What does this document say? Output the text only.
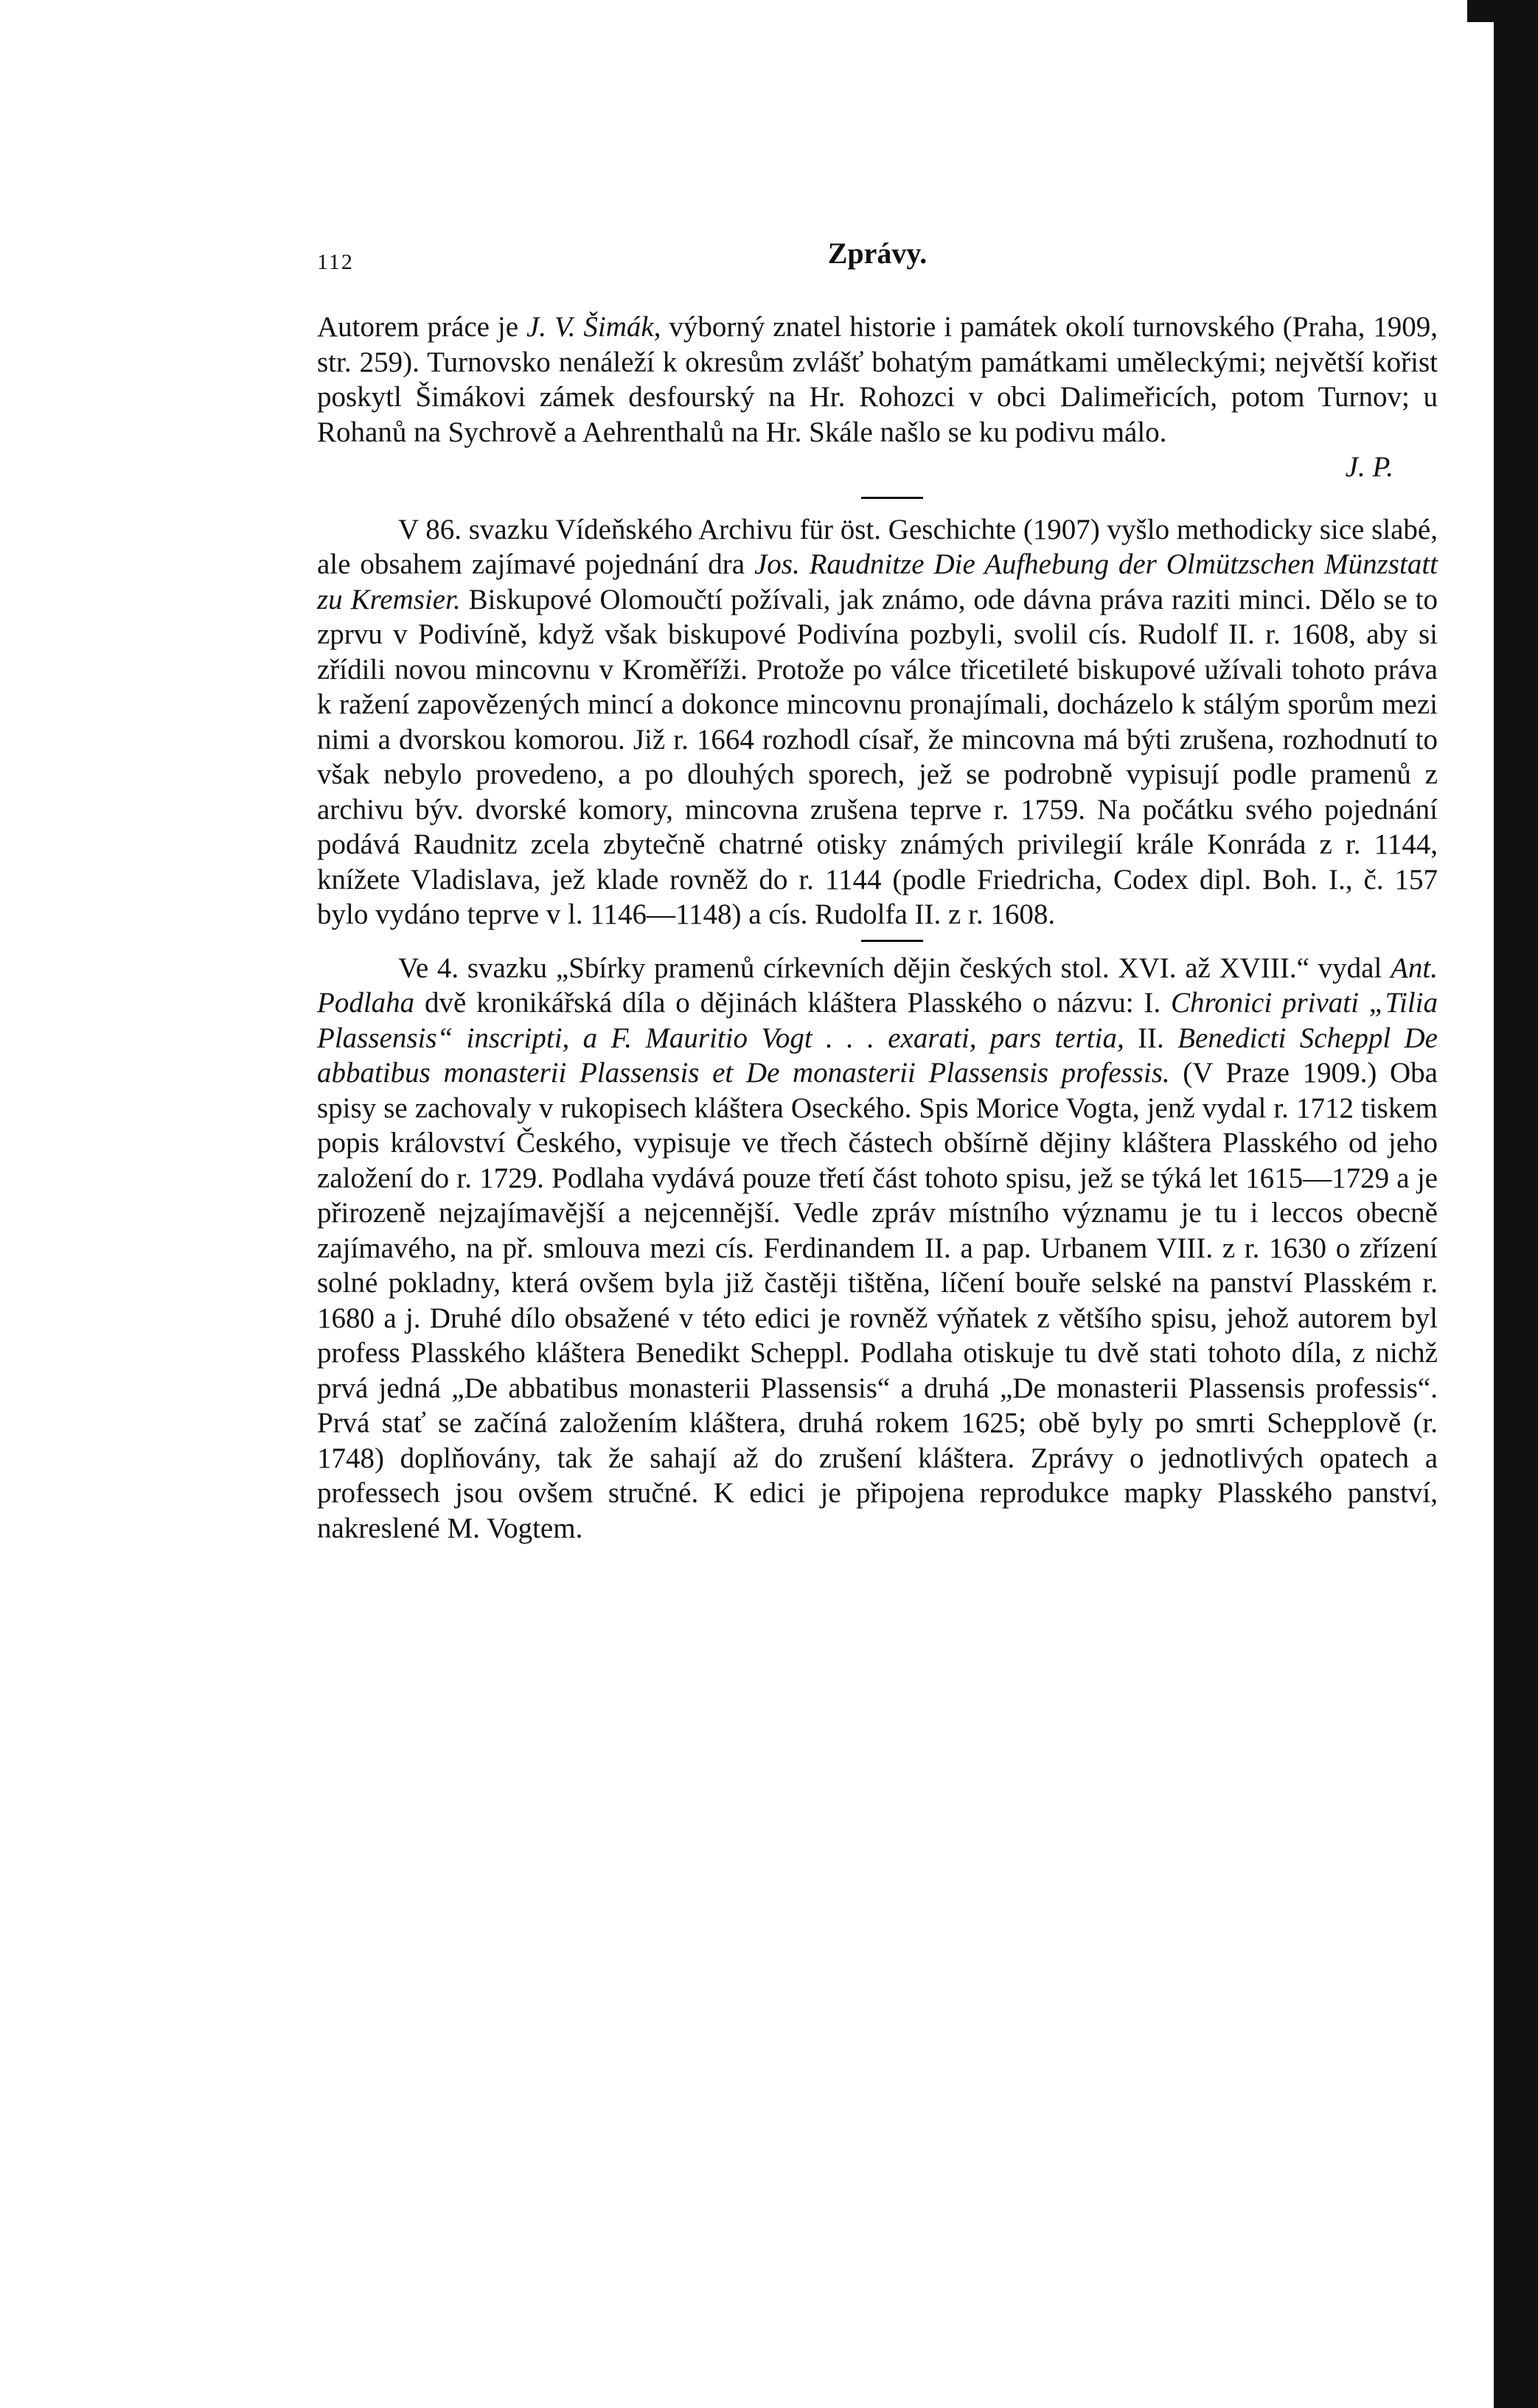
112	Zprávy.

Autorem práce je J. V. Šimák, výborný znatel historie i památek okolí turnovského (Praha, 1909, str. 259). Turnovsko nenáleží k okresům zvlášť bohatým památkami uměleckými; největší kořist poskytl Šimákovi zámek desfourský na Hr. Rohozci v obci Dalimeřicích, potom Turnov; u Rohanů na Sychrově a Aehrenthalů na Hr. Skále našlo se ku podivu málo.

J. P.

V 86. svazku Vídeňského Archivu für öst. Geschichte (1907) vyšlo methodicky sice slabé, ale obsahem zajímavé pojednání dra Jos. Raudnitze Die Aufhebung der Olmützschen Münzstatt zu Kremsier. Biskupové Olomoučtí požívali, jak známo, ode dávna práva raziti minci. Dělo se to zprvu v Podivíně, když však biskupové Podivína pozbyli, svolil cís. Rudolf II. r. 1608, aby si zřídili novou mincovnu v Kroměříži. Protože po válce třicetileté biskupové užívali tohoto práva k ražení zapovězených mincí a dokonce mincovnu pronajímali, docházelo k stálým sporům mezi nimi a dvorskou komorou. Již r. 1664 rozhodl císař, že mincovna má býti zrušena, rozhodnutí to však nebylo provedeno, a po dlouhých sporech, jež se podrobně vypisují podle pramenů z archivu býv. dvorské komory, mincovna zrušena teprve r. 1759. Na počátku svého pojednání podává Raudnitz zcela zbytečně chatrné otisky známých privilegií krále Konráda z r. 1144, knížete Vladislava, jež klade rovněž do r. 1144 (podle Friedricha, Codex dipl. Boh. I., č. 157 bylo vydáno teprve v l. 1146—1148) a cís. Rudolfa II. z r. 1608.

Ve 4. svazku „Sbírky pramenů církevních dějin českých stol. XVI. až XVIII.“ vydal Ant. Podlaha dvě kronikářská díla o dějinách kláštera Plasského o názvu: I. Chronici privati „Tilia Plassensis“ inscripti, a F. Mauritio Vogt . . . exarati, pars tertia, II. Benedicti Scheppl De abbatibus monasterii Plassensis et De monasterii Plassensis professis. (V Praze 1909.) Oba spisy se zachovaly v rukopisech kláštera Oseckého. Spis Morice Vogta, jenž vydal r. 1712 tiskem popis království Českého, vypisuje ve třech částech obšírně dějiny kláštera Plasského od jeho založení do r. 1729. Podlaha vydává pouze třetí část tohoto spisu, jež se týká let 1615—1729 a je přirozeně nejzajímavější a nejcennější. Vedle zpráv místního významu je tu i leccos obecně zajímavého, na př. smlouva mezi cís. Ferdinandem II. a pap. Urbanem VIII. z r. 1630 o zřízení solné pokladny, která ovšem byla již častěji tištěna, líčení bouře selské na panství Plasském r. 1680 a j. Druhé dílo obsažené v této edici je rovněž výňatek z většího spisu, jehož autorem byl profess Plasského kláštera Benedikt Scheppl. Podlaha otiskuje tu dvě stati tohoto díla, z nichž prvá jedná „De abbatibus monasterii Plassensis“ a druhá „De monasterii Plassensis professis“. Prvá stať se začíná založením kláštera, druhá rokem 1625; obě byly po smrti Schepplově (r. 1748) doplňovány, tak že sahají až do zrušení kláštera. Zprávy o jednotlivých opatech a professech jsou ovšem stručné. K edici je připojena reprodukce mapky Plasského panství, nakreslené M. Vogtem.
